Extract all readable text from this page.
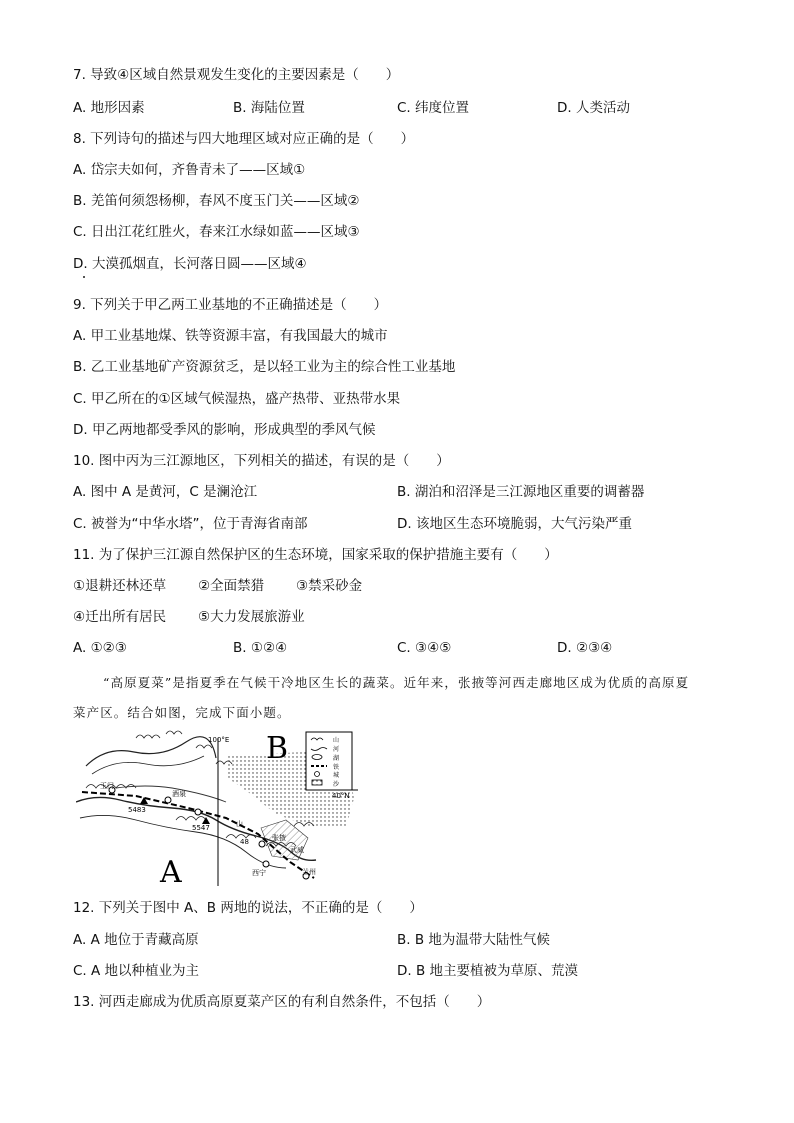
7. 导致④区域自然景观发生变化的主要因素是（　　）
A. 地形因素	B. 海陆位置	C. 纬度位置	D. 人类活动
8. 下列诗句的描述与四大地理区域对应正确的是（　　）
A. 岱宗夫如何，齐鲁青未了——区域①
B. 羌笛何须怨杨柳，春风不度玉门关——区域②
C. 日出江花红胜火，春来江水绿如蓝——区域③
D. 大漠孤烟直，长河落日圆——区域④
9. 下列关于甲乙两工业基地的不正确描述是（　　）
A. 甲工业基地煤、铁等资源丰富，有我国最大的城市
B. 乙工业基地矿产资源贫乏，是以轻工业为主的综合性工业基地
C. 甲乙所在的①区域气候湿热，盛产热带、亚热带水果
D. 甲乙两地都受季风的影响，形成典型的季风气候
10. 图中丙为三江源地区，下列相关的描述，有误的是（　　）
A. 图中 A 是黄河，C 是澜沧江	B. 湖泊和沼泽是三江源地区重要的调蓄器
C. 被誉为“中华水塔”，位于青海省南部	D. 该地区生态环境脆弱，大气污染严重
11. 为了保护三江源自然保护区的生态环境，国家采取的保护措施主要有（　　）
①退耕还林还草 ②全面禁猎 ③禁采砂金
④迁出所有居民 ⑤大力发展旅游业
A. ①②③	B. ①②④	C. ③④⑤	D. ②③④
“高原夏菜”是指夏季在气候干冷地区生长的蔬菜。近年来，张掖等河西走廊地区成为优质的高原夏
菜产区。结合如图，完成下面小题。
山
河
湖
铁
城
沙
B
A
100°E
40°N
玉门
酒泉
5483
5547
48
山
张掖
武威
西宁	兰州
12. 下列关于图中 A、B 两地的说法，不正确的是（　　）
A. A 地位于青藏高原	B. B 地为温带大陆性气候
C. A 地以种植业为主	D. B 地主要植被为草原、荒漠
13. 河西走廊成为优质高原夏菜产区的有利自然条件，不包括（　　）
